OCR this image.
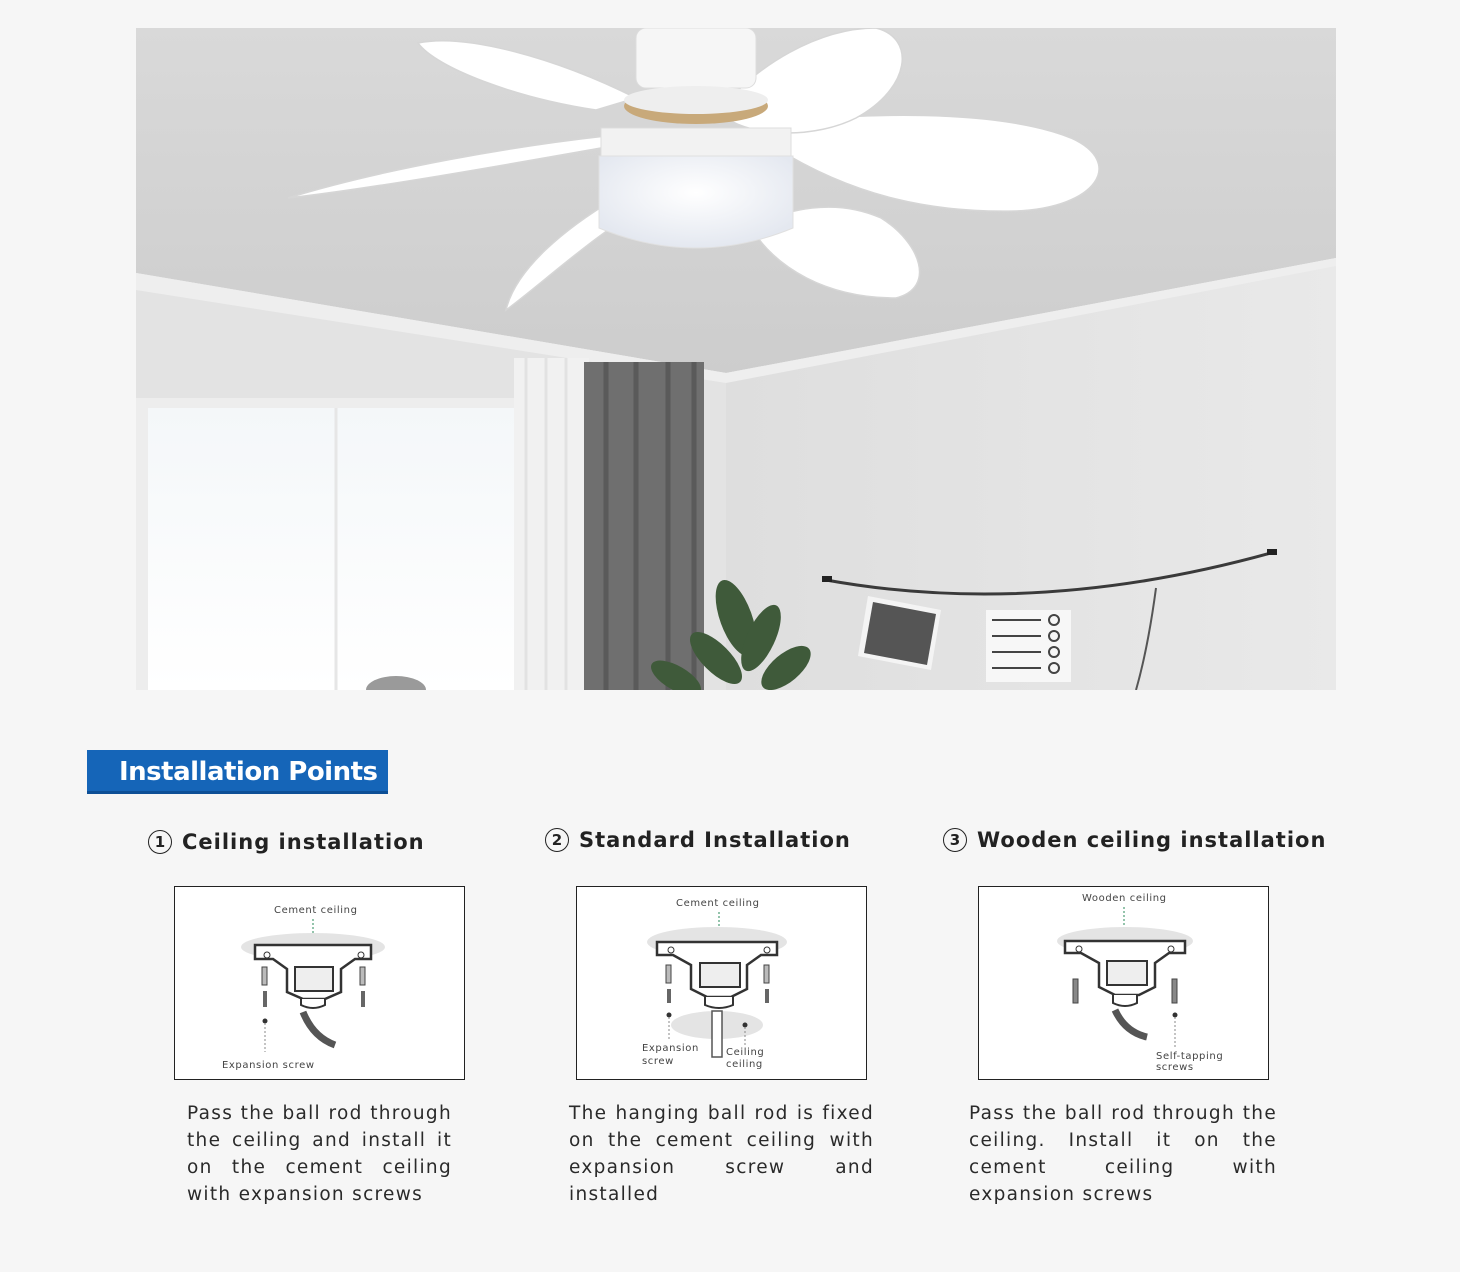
Installation Points
1 Ceiling installation
Cement ceiling
Expansion screw
Pass the ball rod through the ceiling and install it on the cement ceiling with expansion screws
2 Standard Installation
Cement ceiling
Expansion
screw
Ceiling
ceiling
The hanging ball rod is fixed on the cement ceiling with expansion screw and installed
3 Wooden ceiling installation
Wooden ceiling
Self-tapping
screws
Pass the ball rod through the ceiling. Install it on the cement ceiling with expansion screws
